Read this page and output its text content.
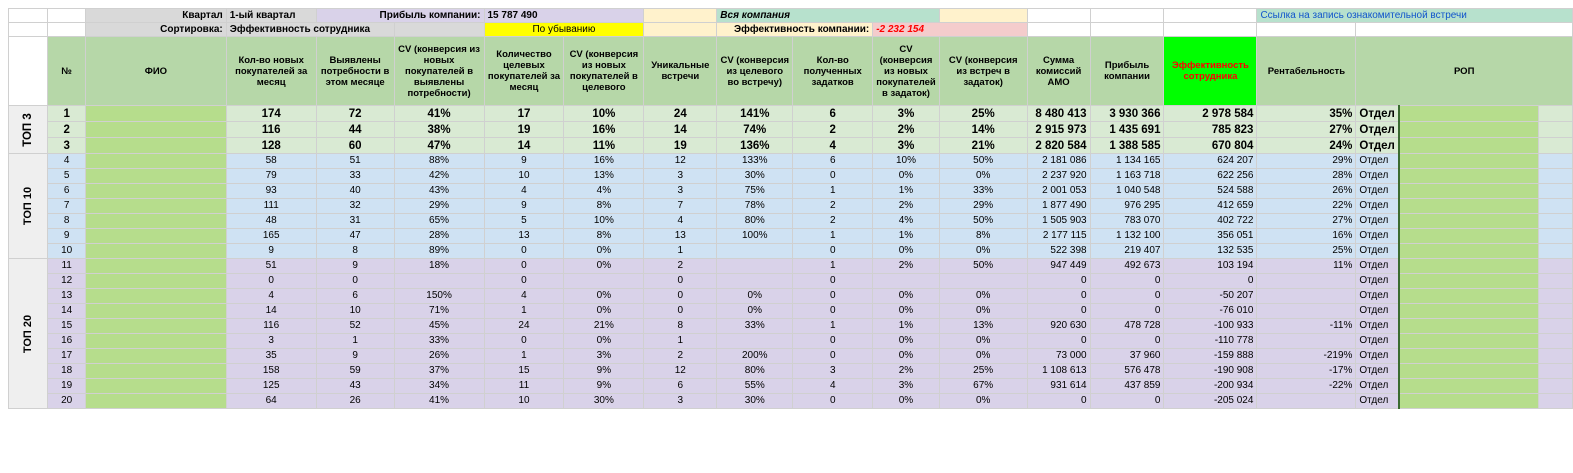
		Квартал	1-ый квартал	Прибыль компании:		15 787 490			Вся компания							Ссылка на запись ознакомительной встречи			
		Сортировка:	Эффективность сотрудника			По убыванию			Эффективность компании:		-2 232 154								
	№	ФИО	Кол-во новых покупателей за месяц	Выявлены потребности в этом месяце	CV (конверсия из новых покупателей в выявлены потребности)	Количество целевых покупателей за месяц	CV (конверсия из новых покупателей в целевого	Уникальные встречи	CV (конверсия из целевого во встречу)	Кол-во полученных задатков	CV (конверсия из новых покупателей в задаток)	CV (конверсия из встреч в задаток)	Сумма комиссий АМО	Прибыль компании	Эффективность сотрудника	Рентабельность	РОП		
ТОП 3	1		174	72	41%	17	10%	24	141%	6	3%	25%	8 480 413	3 930 366	2 978 584	35%	Отдел		
	2		116	44	38%	19	16%	14	74%	2	2%	14%	2 915 973	1 435 691	785 823	27%	Отдел		
	3		128	60	47%	14	11%	19	136%	4	3%	21%	2 820 584	1 388 585	670 804	24%	Отдел		
ТОП 10	4		58	51	88%	9	16%	12	133%	6	10%	50%	2 181 086	1 134 165	624 207	29%	Отдел		
	5		79	33	42%	10	13%	3	30%	0	0%	0%	2 237 920	1 163 718	622 256	28%	Отдел		
	6		93	40	43%	4	4%	3	75%	1	1%	33%	2 001 053	1 040 548	524 588	26%	Отдел		
	7		111	32	29%	9	8%	7	78%	2	2%	29%	1 877 490	976 295	412 659	22%	Отдел		
	8		48	31	65%	5	10%	4	80%	2	4%	50%	1 505 903	783 070	402 722	27%	Отдел		
	9		165	47	28%	13	8%	13	100%	1	1%	8%	2 177 115	1 132 100	356 051	16%	Отдел		
	10		9	8	89%	0	0%	1		0	0%	0%	522 398	219 407	132 535	25%	Отдел		
ТОП 20	11		51	9	18%	0	0%	2		1	2%	50%	947 449	492 673	103 194	11%	Отдел		
	12		0	0		0		0		0			0	0	0		Отдел		
	13		4	6	150%	4	0%	0	0%	0	0%	0%	0	0	-50 207		Отдел		
	14		14	10	71%	1	0%	0	0%	0	0%	0%	0	0	-76 010		Отдел		
	15		116	52	45%	24	21%	8	33%	1	1%	13%	920 630	478 728	-100 933	-11%	Отдел		
	16		3	1	33%	0	0%	1		0	0%	0%	0	0	-110 778		Отдел		
	17		35	9	26%	1	3%	2	200%	0	0%	0%	73 000	37 960	-159 888	-219%	Отдел		
	18		158	59	37%	15	9%	12	80%	3	2%	25%	1 108 613	576 478	-190 908	-17%	Отдел		
	19		125	43	34%	11	9%	6	55%	4	3%	67%	931 614	437 859	-200 934	-22%	Отдел		
	20		64	26	41%	10	30%	3	30%	0	0%	0%	0	0	-205 024		Отдел		
